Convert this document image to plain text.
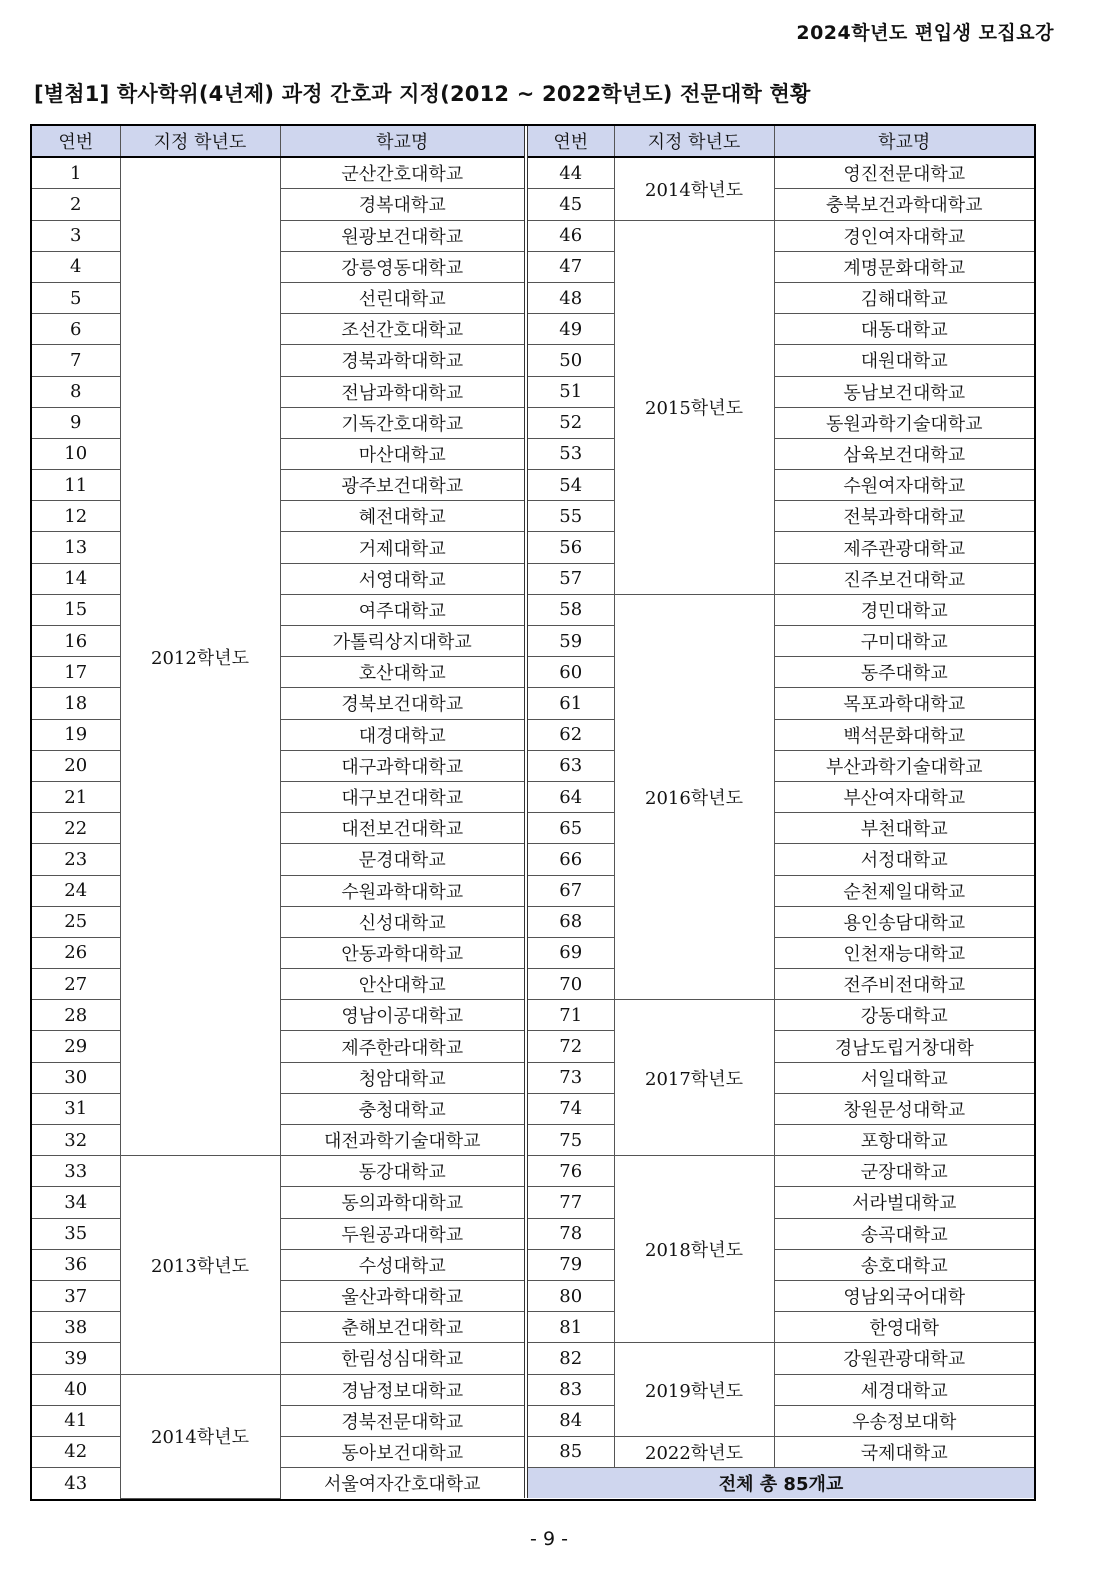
2024학년도 편입생 모집요강
[별첨1] 학사학위(4년제) 과정 간호과 지정(2012 ~ 2022학년도) 전문대학 현황
연번	지정 학년도	학교명	연번	지정 학년도	학교명
1	2012학년도	군산간호대학교	44	2014학년도	영진전문대학교
2		경복대학교	45		충북보건과학대학교
3		원광보건대학교	46	2015학년도	경인여자대학교
4		강릉영동대학교	47		계명문화대학교
5		선린대학교	48		김해대학교
6		조선간호대학교	49		대동대학교
7		경북과학대학교	50		대원대학교
8		전남과학대학교	51		동남보건대학교
9		기독간호대학교	52		동원과학기술대학교
10		마산대학교	53		삼육보건대학교
11		광주보건대학교	54		수원여자대학교
12		혜전대학교	55		전북과학대학교
13		거제대학교	56		제주관광대학교
14		서영대학교	57		진주보건대학교
15		여주대학교	58	2016학년도	경민대학교
16		가톨릭상지대학교	59		구미대학교
17		호산대학교	60		동주대학교
18		경북보건대학교	61		목포과학대학교
19		대경대학교	62		백석문화대학교
20		대구과학대학교	63		부산과학기술대학교
21		대구보건대학교	64		부산여자대학교
22		대전보건대학교	65		부천대학교
23		문경대학교	66		서정대학교
24		수원과학대학교	67		순천제일대학교
25		신성대학교	68		용인송담대학교
26		안동과학대학교	69		인천재능대학교
27		안산대학교	70		전주비전대학교
28		영남이공대학교	71	2017학년도	강동대학교
29		제주한라대학교	72		경남도립거창대학
30		청암대학교	73		서일대학교
31		충청대학교	74		창원문성대학교
32		대전과학기술대학교	75		포항대학교
33	2013학년도	동강대학교	76	2018학년도	군장대학교
34		동의과학대학교	77		서라벌대학교
35		두원공과대학교	78		송곡대학교
36		수성대학교	79		송호대학교
37		울산과학대학교	80		영남외국어대학
38		춘해보건대학교	81		한영대학
39		한림성심대학교	82	2019학년도	강원관광대학교
40	2014학년도	경남정보대학교	83		세경대학교
41		경북전문대학교	84		우송정보대학
42		동아보건대학교	85	2022학년도	국제대학교
43		서울여자간호대학교	전체 총 85개교		
- 9 -
